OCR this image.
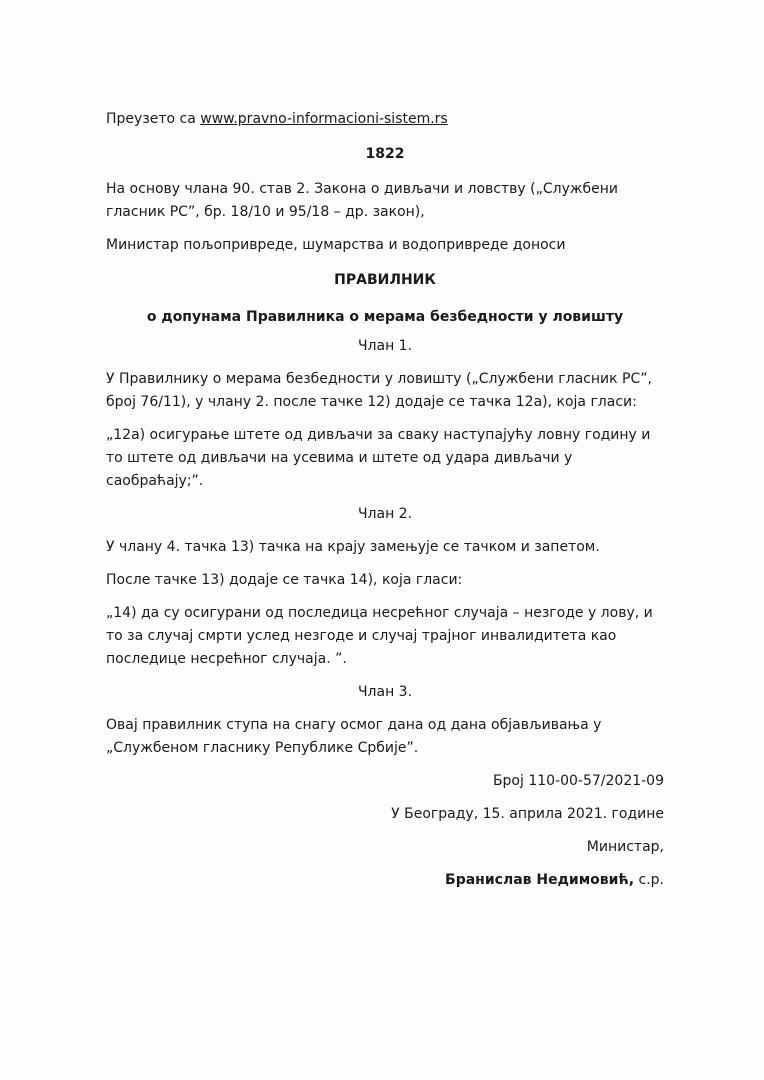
Преузето са www.pravno-informacioni-sistem.rs

1822

На основу члана 90. став 2. Закона о дивљачи и ловству („Службени гласник РС”, бр. 18/10 и 95/18 – др. закон),

Министар пољопривреде, шумарства и водопривреде доноси

ПРАВИЛНИК

о допунама Правилника о мерама безбедности у ловишту

Члан 1.

У Правилнику о мерама безбедности у ловишту („Службени гласник РС”, број 76/11), у члану 2. после тачке 12) додаје се тачка 12а), која гласи:

„12а) осигурање штете од дивљачи за сваку наступајућу ловну годину и то штете од дивљачи на усевима и штете од удара дивљачи у саобраћају;”.

Члан 2.

У члану 4. тачка 13) тачка на крају замењује се тачком и запетом.

После тачке 13) додаје се тачка 14), која гласи:

„14) да су осигурани од последица несрећног случаја – незгоде у лову, и то за случај смрти услед незгоде и случај трајног инвалидитета као последице несрећног случаја. ”.

Члан 3.

Овај правилник ступа на снагу осмог дана од дана објављивања у „Службеном гласнику Републике Србије”.

Број 110-00-57/2021-09

У Београду, 15. априла 2021. године

Министар,

Бранислав Недимовић, с.р.
